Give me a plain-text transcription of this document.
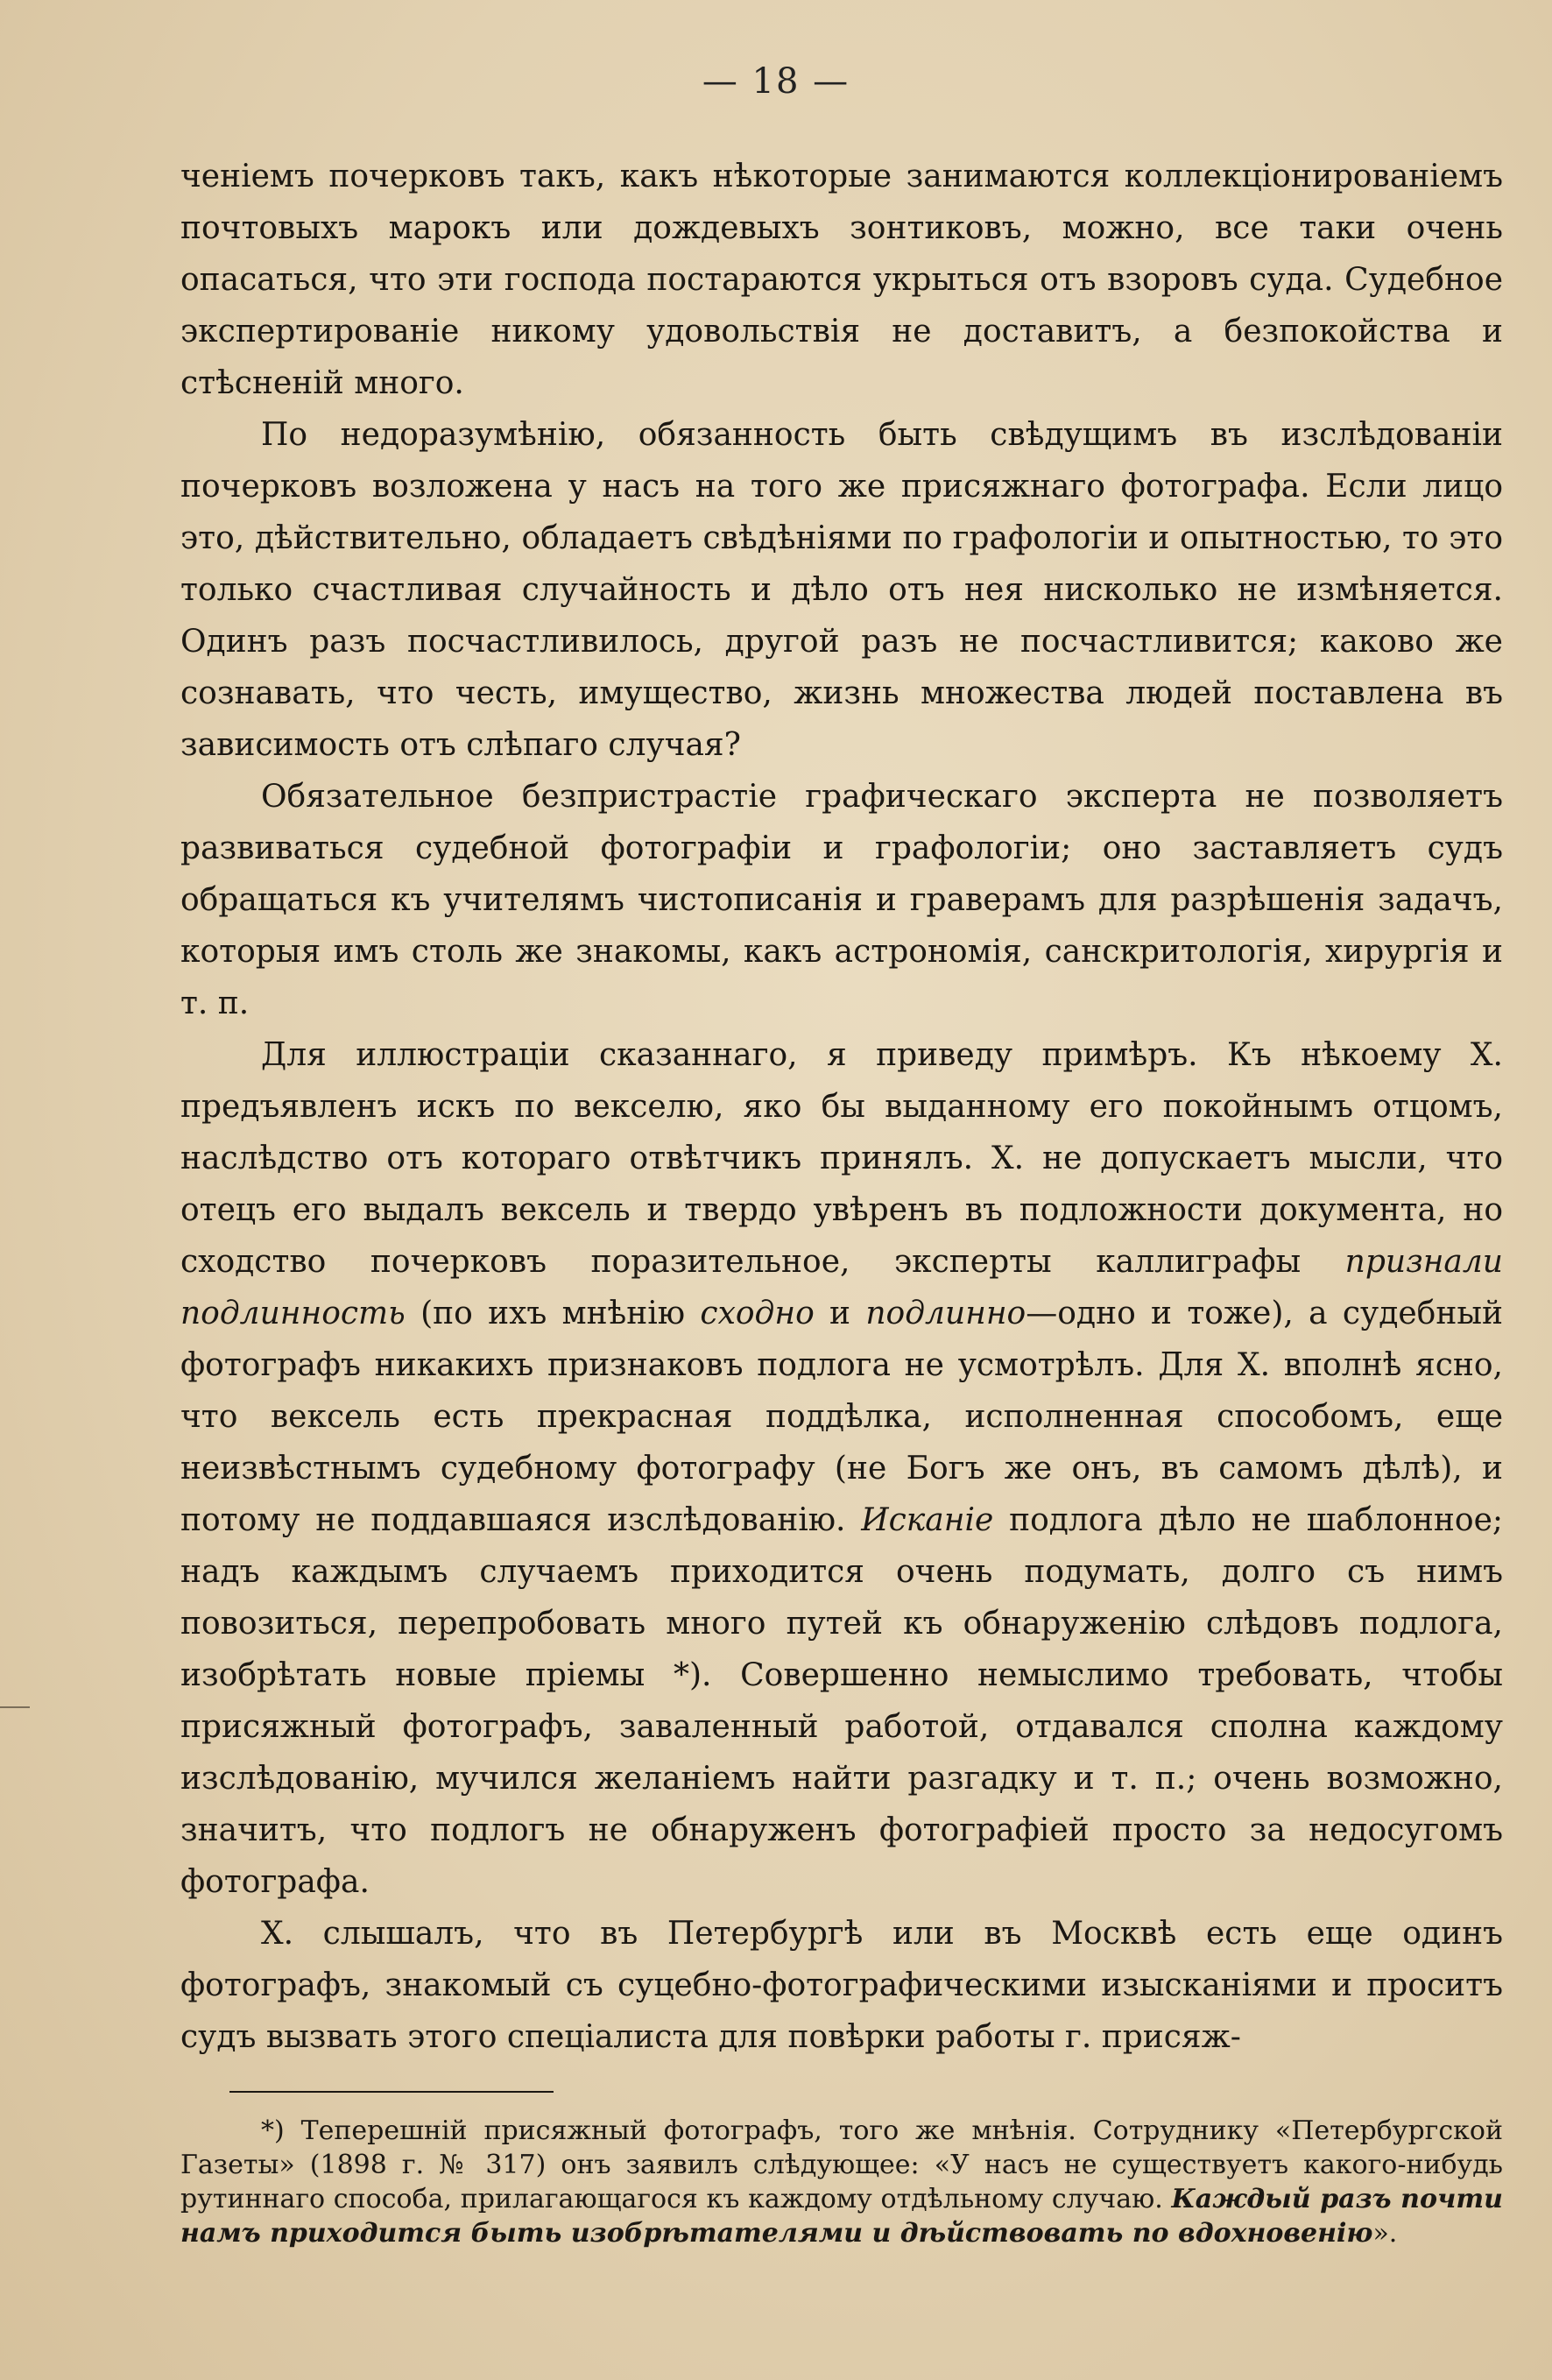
— 18 —

ченіемъ почерковъ такъ, какъ нѣкоторые занимаются коллекціонированіемъ почтовыхъ марокъ или дождевыхъ зонтиковъ, можно, все таки очень опасаться, что эти господа постараются укрыться отъ взоровъ суда. Судебное экспертированіе никому удовольствія не доставитъ, а безпокойства и стѣсненій много.

По недоразумѣнію, обязанность быть свѣдущимъ въ изслѣдованіи почерковъ возложена у насъ на того же присяжнаго фотографа. Если лицо это, дѣйствительно, обладаетъ свѣдѣніями по графологіи и опытностью, то это только счастливая случайность и дѣло отъ нея нисколько не измѣняется. Одинъ разъ посчастливилось, другой разъ не посчастливится; каково же сознавать, что честь, имущество, жизнь множества людей поставлена въ зависимость отъ слѣпаго случая?

Обязательное безпристрастіе графическаго эксперта не позволяетъ развиваться судебной фотографіи и графологіи; оно заставляетъ судъ обращаться къ учителямъ чистописанія и граверамъ для разрѣшенія задачъ, которыя имъ столь же знакомы, какъ астрономія, санскритологія, хирургія и т. п.

Для иллюстраціи сказаннаго, я приведу примѣръ. Къ нѣкоему Х. предъявленъ искъ по векселю, яко бы выданному его покойнымъ отцомъ, наслѣдство отъ котораго отвѣтчикъ принялъ. Х. не допускаетъ мысли, что отецъ его выдалъ вексель и твердо увѣренъ въ подложности документа, но сходство почерковъ поразительное, эксперты каллиграфы признали подлинность (по ихъ мнѣнію сходно и подлинно—одно и тоже), а судебный фотографъ никакихъ признаковъ подлога не усмотрѣлъ. Для Х. вполнѣ ясно, что вексель есть прекрасная поддѣлка, исполненная способомъ, еще неизвѣстнымъ судебному фотографу (не Богъ же онъ, въ самомъ дѣлѣ), и потому не поддавшаяся изслѣдованію. Исканіе подлога дѣло не шаблонное; надъ каждымъ случаемъ приходится очень подумать, долго съ нимъ повозиться, перепробовать много путей къ обнаруженію слѣдовъ подлога, изобрѣтать новые пріемы *). Совершенно немыслимо требовать, чтобы присяжный фотографъ, заваленный работой, отдавался сполна каждому изслѣдованію, мучился желаніемъ найти разгадку и т. п.; очень возможно, значитъ, что подлогъ не обнаруженъ фотографіей просто за недосугомъ фотографа.

Х. слышалъ, что въ Петербургѣ или въ Москвѣ есть еще одинъ фотографъ, знакомый съ суцебно-фотографическими изысканіями и проситъ судъ вызвать этого спеціалиста для повѣрки работы г. присяж-

*) Теперешній присяжный фотографъ, того же мнѣнія. Сотруднику «Петербургской Газеты» (1898 г. № 317) онъ заявилъ слѣдующее: «У насъ не существуетъ какого-нибудь рутиннаго способа, прилагающагося къ каждому отдѣльному случаю. Каждый разъ почти намъ приходится быть изобрѣтателями и дѣйствовать по вдохновенію».
